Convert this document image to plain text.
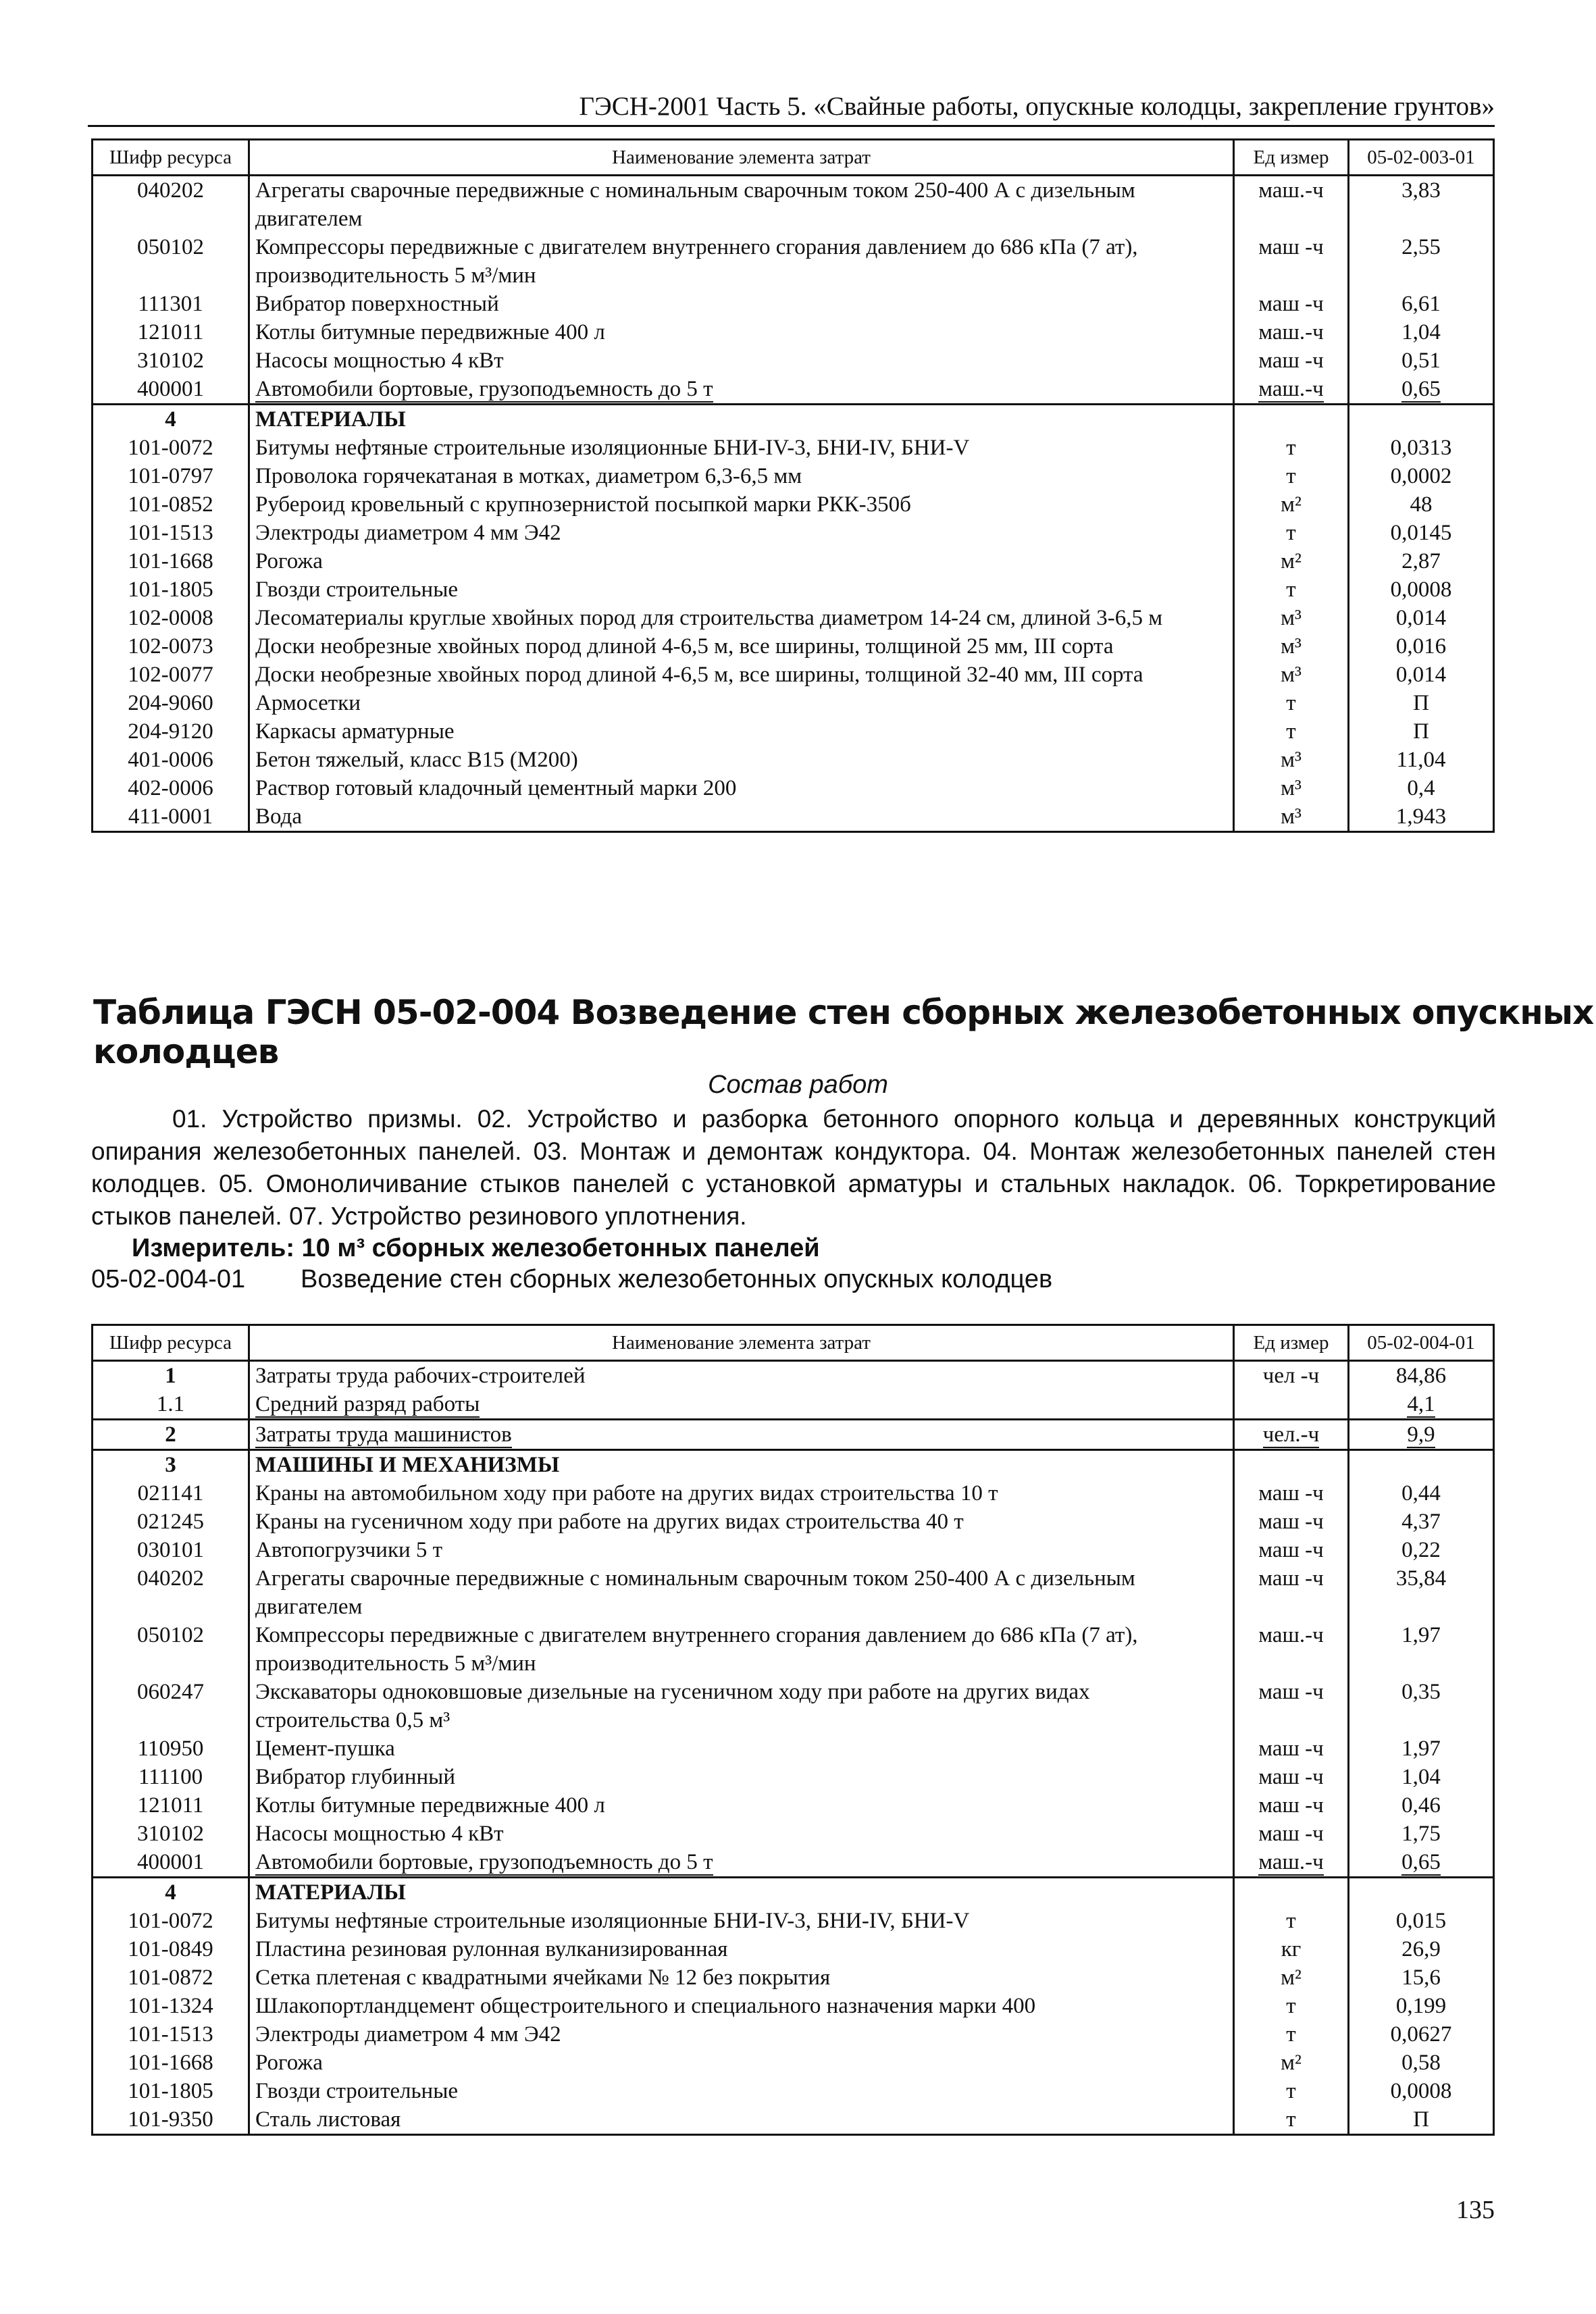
ГЭСН-2001 Часть 5. «Свайные работы, опускные колодцы, закрепление грунтов»
Шифр ресурса	Наименование элемента затрат	Ед измер	05-02-003-01
040202	Агрегаты сварочные передвижные с номинальным сварочным током 250-400 А с дизельным двигателем	маш.-ч	3,83
050102	Компрессоры передвижные с двигателем внутреннего сгорания давлением до 686 кПа (7 ат), производительность 5 м³/мин	маш -ч	2,55
111301	Вибратор поверхностный	маш -ч	6,61
121011	Котлы битумные передвижные 400 л	маш.-ч	1,04
310102	Насосы мощностью 4 кВт	маш -ч	0,51
400001	Автомобили бортовые, грузоподъемность до 5 т	маш.-ч	0,65
4	МАТЕРИАЛЫ		
101-0072	Битумы нефтяные строительные изоляционные БНИ-IV-3, БНИ-IV, БНИ-V	т	0,0313
101-0797	Проволока горячекатаная в мотках, диаметром 6,3-6,5 мм	т	0,0002
101-0852	Рубероид кровельный с крупнозернистой посыпкой марки РКК-350б	м²	48
101-1513	Электроды диаметром 4 мм Э42	т	0,0145
101-1668	Рогожа	м²	2,87
101-1805	Гвозди строительные	т	0,0008
102-0008	Лесоматериалы круглые хвойных пород для строительства диаметром 14-24 см, длиной 3-6,5 м	м³	0,014
102-0073	Доски необрезные хвойных пород длиной 4-6,5 м, все ширины, толщиной 25 мм, III сорта	м³	0,016
102-0077	Доски необрезные хвойных пород длиной 4-6,5 м, все ширины, толщиной 32-40 мм, III сорта	м³	0,014
204-9060	Армосетки	т	П
204-9120	Каркасы арматурные	т	П
401-0006	Бетон тяжелый, класс В15 (М200)	м³	11,04
402-0006	Раствор готовый кладочный цементный марки 200	м³	0,4
411-0001	Вода	м³	1,943
Таблица ГЭСН 05-02-004 Возведение стен сборных железобетонных опускных колодцев
Состав работ
01. Устройство призмы. 02. Устройство и разборка бетонного опорного кольца и деревянных конструкций опирания железобетонных панелей. 03. Монтаж и демонтаж кондуктора. 04. Монтаж железобетонных панелей стен колодцев. 05. Омоноличивание стыков панелей с установкой арматуры и стальных накладок. 06. Торкретирование стыков панелей. 07. Устройство резинового уплотнения.
Измеритель: 10 м³ сборных железобетонных панелей
05-02-004-01 Возведение стен сборных железобетонных опускных колодцев
Шифр ресурса	Наименование элемента затрат	Ед измер	05-02-004-01
1	Затраты труда рабочих-строителей	чел -ч	84,86
1.1	Средний разряд работы		4,1
2	Затраты труда машинистов	чел.-ч	9,9
3	МАШИНЫ И МЕХАНИЗМЫ		
021141	Краны на автомобильном ходу при работе на других видах строительства 10 т	маш -ч	0,44
021245	Краны на гусеничном ходу при работе на других видах строительства 40 т	маш -ч	4,37
030101	Автопогрузчики 5 т	маш -ч	0,22
040202	Агрегаты сварочные передвижные с номинальным сварочным током 250-400 А с дизельным двигателем	маш -ч	35,84
050102	Компрессоры передвижные с двигателем внутреннего сгорания давлением до 686 кПа (7 ат), производительность 5 м³/мин	маш.-ч	1,97
060247	Экскаваторы одноковшовые дизельные на гусеничном ходу при работе на других видах строительства 0,5 м³	маш -ч	0,35
110950	Цемент-пушка	маш -ч	1,97
111100	Вибратор глубинный	маш -ч	1,04
121011	Котлы битумные передвижные 400 л	маш -ч	0,46
310102	Насосы мощностью 4 кВт	маш -ч	1,75
400001	Автомобили бортовые, грузоподъемность до 5 т	маш.-ч	0,65
4	МАТЕРИАЛЫ		
101-0072	Битумы нефтяные строительные изоляционные БНИ-IV-3, БНИ-IV, БНИ-V	т	0,015
101-0849	Пластина резиновая рулонная вулканизированная	кг	26,9
101-0872	Сетка плетеная с квадратными ячейками № 12 без покрытия	м²	15,6
101-1324	Шлакопортландцемент общестроительного и специального назначения марки 400	т	0,199
101-1513	Электроды диаметром 4 мм Э42	т	0,0627
101-1668	Рогожа	м²	0,58
101-1805	Гвозди строительные	т	0,0008
101-9350	Сталь листовая	т	П
135
